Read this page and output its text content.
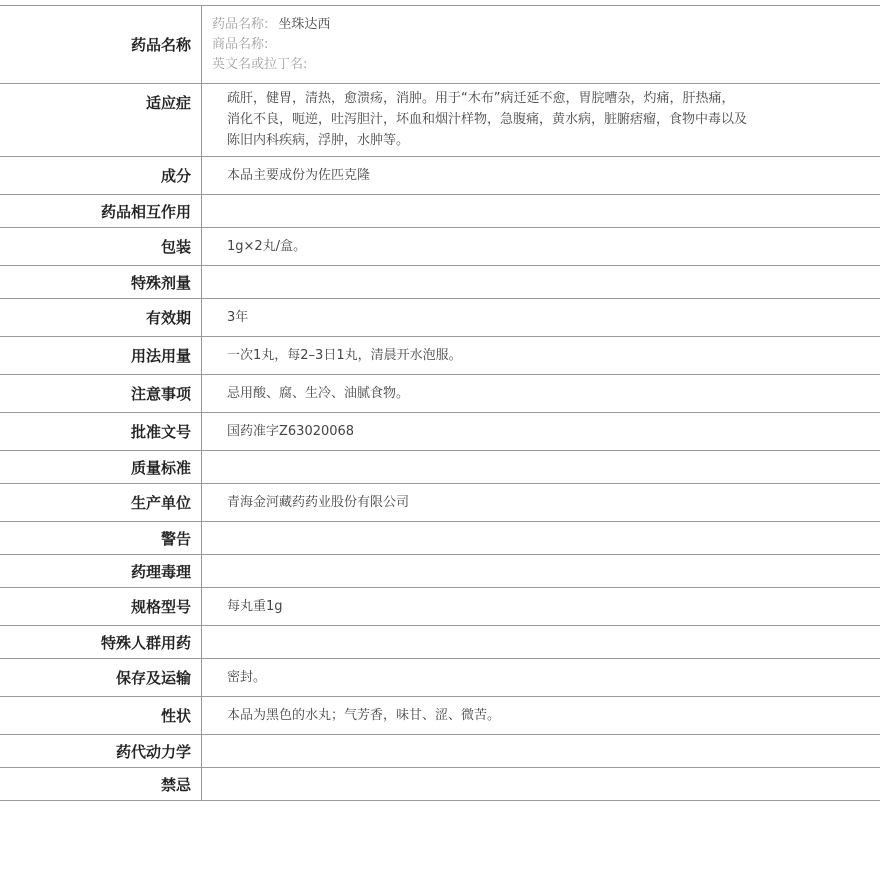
药品名称
药品名称: 坐珠达西
商品名称:
英文名或拉丁名:
适应症	疏肝，健胃，清热，愈溃疡，消肿。用于“木布”病迁延不愈，胃脘嘈杂，灼痛，肝热痛，
消化不良，呃逆，吐泻胆汁，坏血和烟汁样物，急腹痛，黄水病，脏腑痞瘤，食物中毒以及
陈旧内科疾病，浮肿，水肿等。
成分	本品主要成份为佐匹克隆
药品相互作用
包装	1g×2丸/盒。
特殊剂量
有效期	3年
用法用量	一次1丸，每2–3日1丸，清晨开水泡服。
注意事项	忌用酸、腐、生冷、油腻食物。
批准文号	国药准字Z63020068
质量标准
生产单位	青海金河藏药药业股份有限公司
警告
药理毒理
规格型号	每丸重1g
特殊人群用药
保存及运输	密封。
性状	本品为黑色的水丸；气芳香，味甘、涩、微苦。
药代动力学
禁忌
